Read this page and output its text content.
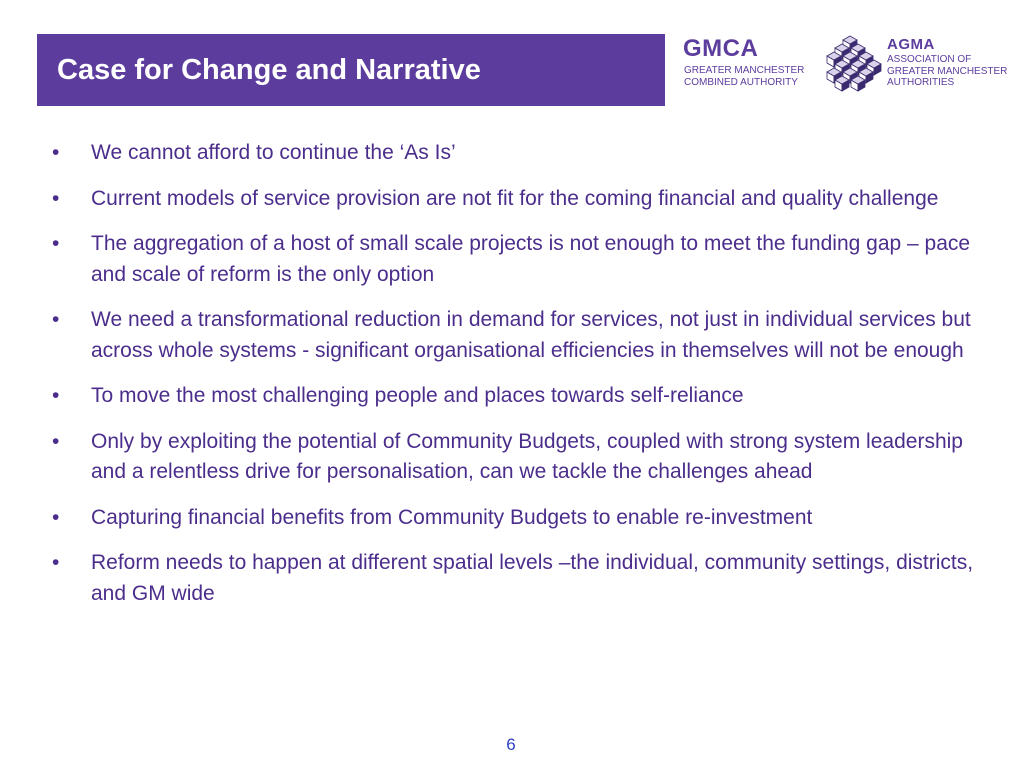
Case for Change and Narrative
GMCA
GREATER MANCHESTER
COMBINED AUTHORITY
AGMA
ASSOCIATION OF
GREATER MANCHESTER
AUTHORITIES
• We cannot afford to continue the ‘As Is’
• Current models of service provision are not fit for the coming financial and quality challenge
• The aggregation of a host of small scale projects is not enough to meet the funding gap – pace and scale of reform is the only option
• We need a transformational reduction in demand for services, not just in individual services but across whole systems - significant organisational efficiencies in themselves will not be enough
• To move the most challenging people and places towards self-reliance
• Only by exploiting the potential of Community Budgets, coupled with strong system leadership and a relentless drive for personalisation, can we tackle the challenges ahead
• Capturing financial benefits from Community Budgets to enable re-investment
• Reform needs to happen at different spatial levels –the individual, community settings, districts, and GM wide
6
